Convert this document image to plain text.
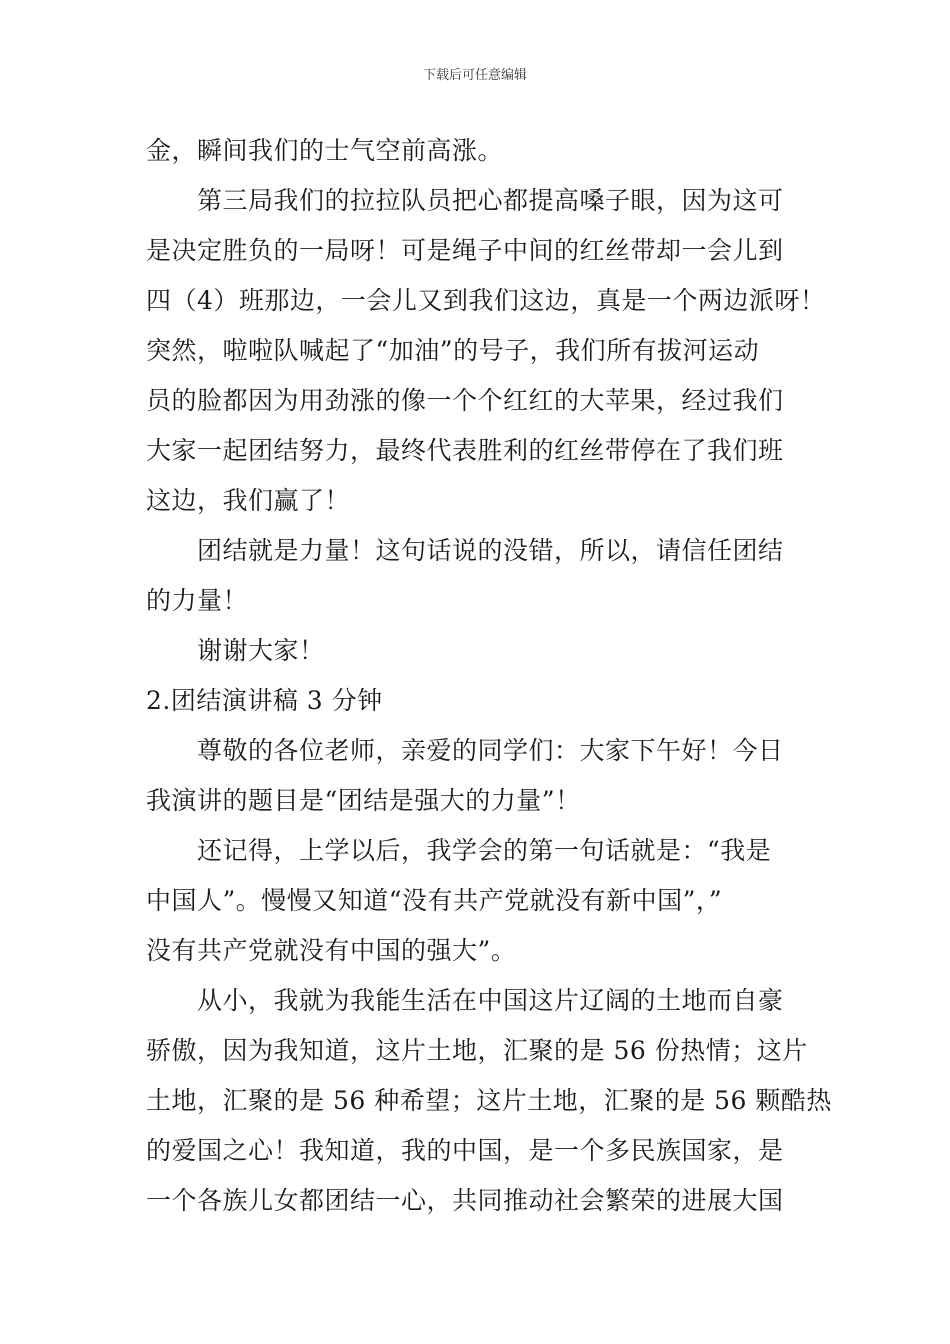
下载后可任意编辑
金，瞬间我们的士气空前高涨。
第三局我们的拉拉队员把心都提高嗓子眼，因为这可
是决定胜负的一局呀！可是绳子中间的红丝带却一会儿到
四（4）班那边，一会儿又到我们这边，真是一个两边派呀！
突然，啦啦队喊起了“加油”的号子，我们所有拔河运动
员的脸都因为用劲涨的像一个个红红的大苹果，经过我们
大家一起团结努力，最终代表胜利的红丝带停在了我们班
这边，我们赢了！
团结就是力量！这句话说的没错，所以，请信任团结
的力量！
谢谢大家！
2.团结演讲稿 3 分钟
尊敬的各位老师，亲爱的同学们：大家下午好！今日
我演讲的题目是“团结是强大的力量”！
还记得，上学以后，我学会的第一句话就是：“我是
中国人”。慢慢又知道“没有共产党就没有新中国”，”
没有共产党就没有中国的强大”。
从小，我就为我能生活在中国这片辽阔的土地而自豪
骄傲，因为我知道，这片土地，汇聚的是 56 份热情；这片
土地，汇聚的是 56 种希望；这片土地，汇聚的是 56 颗酷热
的爱国之心！我知道，我的中国，是一个多民族国家，是
一个各族儿女都团结一心，共同推动社会繁荣的进展大国
